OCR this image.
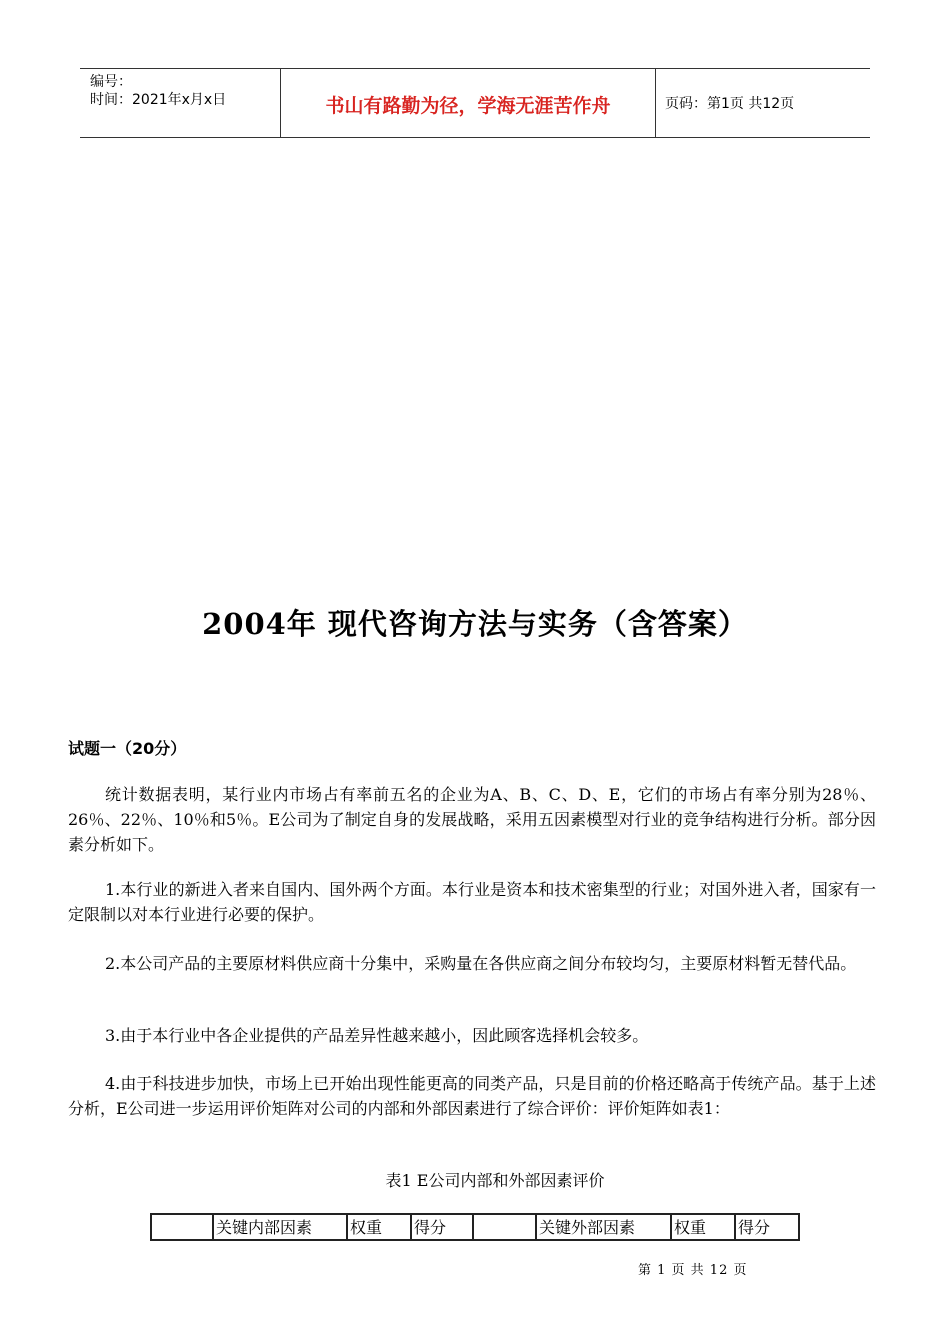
编号：
时间：2021年x月x日	书山有路勤为径，学海无涯苦作舟	页码：第1页 共12页
2004年 现代咨询方法与实务（含答案）
试题一（20分）

统计数据表明，某行业内市场占有率前五名的企业为A、B、C、D、E，它们的市场占有率分别为28％、26％、22％、10％和5％。E公司为了制定自身的发展战略，采用五因素模型对行业的竞争结构进行分析。部分因素分析如下。

1.本行业的新进入者来自国内、国外两个方面。本行业是资本和技术密集型的行业；对国外进入者，国家有一定限制以对本行业进行必要的保护。

2.本公司产品的主要原材料供应商十分集中，采购量在各供应商之间分布较均匀，主要原材料暂无替代品。

3.由于本行业中各企业提供的产品差异性越来越小，因此顾客选择机会较多。

4.由于科技进步加快，市场上已开始出现性能更高的同类产品，只是目前的价格还略高于传统产品。基于上述分析，E公司进一步运用评价矩阵对公司的内部和外部因素进行了综合评价：评价矩阵如表1：

表1 E公司内部和外部因素评价
关键内部因素	权重	得分	关键外部因素	权重	得分
第 1 页 共 12 页
